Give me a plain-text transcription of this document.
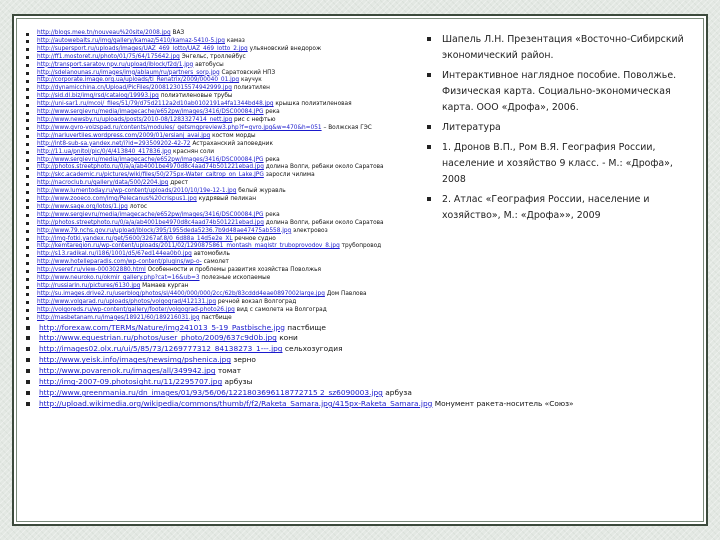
http://blogs.mee.tn/nouveau%20site/2008.jpg ВАЗ
http://autowebalts.ru/img/gallery/kamaz/5410/kamaz-5410-5.jpg камаз
http://supersport.ru/uploads/images/UAZ_469_Iotto/UAZ_469_Iotto_2.jpg ульяновский внедорож
http://ff1.mostoret.ru/photo/01/75/64/175642.jpg Энгельс, троллейбус
http://transport.saratov.npv.ru/upload/iblock/f2d/1.jpg автобусы
http://sdelanounas.ru/images/img/ablaum/ru/partners_sorp.jpg Саратовский НПЗ
http://corporate.image.org.ua/uploads/ti_Renatrix/2009/00040_01.jpg каучук
http://dynamicchina.cn/Upload/PicFiles/2008123015574942999.jpg полиэтилен
http://sid.dl.biz/img/rsd/catalog/19993.jpg полиэтиленовые трубы
http://uni-sar1.ru/mcoi/_files/51/79/d75d2112a2d10ab0102191a4fa1344bd48.jpg крышка полиэтиленовая
http://www.sergievru/media/imagecache/e652pw/images/3416/DSC00084.JPG река
http://www.newsby.ru/uploads/posts/2010-08/1283327414_nett.jpg рис с нефтью
http://www.gvro-volzspad.ru/contents/modules/_getsmgpreview3.php?f=gvro.jpg&w=470&h=051 – Волжская ГЭС
http://nariuvertiles.wordpress.com/2009/01/ersianj_avai.jpg костом морды
http://int8-sub-sa.yandex.net/i?id=293509202-42-72 Астраханский заповедник
http://11.ua/pnitol/pic/0/4/413840_417836.jpg краснян соли
http://www.sergievru/media/imagecache/e652pw/images/3416/DSC00084.JPG река
http://photos.streetphoto.ru/0/a/a/ab4001be4970d8c4aad74b501221ebad.jpg долина Волги, ребаки около Саратова
http://skc.academic.ru/pictures/wiki/files/50/275px-Water_caltrop_on_Lake.JPG заросли чилима
http://nacroclub.ru/gallery/data/500/2204.jpg дрест
http://www.lumentoday.ru/wp-content/uploads/2010/10/19e-12-1.jpg белый журавль
http://www.zooeco.com/img/Pelecanus%20crispus1.jpg кудрявый пеликан
http://www.sage.org/lotos/1.jpg лотос
http://www.sergievru/media/imagecache/e652pw/images/3416/DSC00084.JPG река
http://photos.streetphoto.ru/0/a/a/ab4001be4970d8c4aad74b501221ebad.jpg долина Волги, ребаки около Саратова
http://www.79.nchs.gov.ru/upload/iblock/395/1955deda5236.7b9d48ae47475ab558.jpg электровоз
http://img-fotki.yandex.ru/get/5600/3267af.8/0_6d88a_14d5e2e_XL речное судно
http://kemtaregion.ru/wp-content/uploads/2011/02/1290875861_montash_magistr_truboprovodov_8.jpg трубопровод
http://s13.radikal.ru/i186/1001/d5/67ed144ea0b0.jpg автомобиль
http://www.hotelleparadis.com/wp-content/plugins/wp-o- самолет
http://vseref.ru/view-000302880.html Особенности и проблемы развития хозяйства Поволжья
http://www.neuroko.ru/okmir_gallery.php?cat=16&ub=3 полезные ископаемые
http://russiarin.ru/pictures/6130.jpg Мамаев курган
http://su.images.drive2.ru/userblog/photos/sl/4400/000/000/2cc/62b/83cddd4eae0897002large.jpg Дом Павлова
http://www.volgarad.ru/uploads/photos/volgograd/412131.jpg речной вокзал Волгоград
http://volgoreds.ru/wp-content/gallery/footer/volgograd-photo26.jpg вид с самолета на Волгоград
http://masbetanam.ru/images/18921/60/189216031.jpg пастбище
http://forexaw.com/TERMs/Nature/img241013_5-19_Pastbische.jpg пастбище
http://www.equestrian.ru/photos/user_photo/2009/637c9d0b.jpg кони
http://images02.olx.ru/ui/5/85/73/1269777312_84138273_1---.jpg сельхозугодия
http://www.yeisk.info/images/newsimg/pshenica.jpg зерно
http://www.povarenok.ru/images/all/349942.jpg томат
http://img-2007-09.photosight.ru/11/2295707.jpg арбузы
http://www.greenmania.ru/dn_images/01/93/56/06/1221803696118772715 2_sz6090003.jpg арбуза
http://upload.wikimedia.org/wikipedia/commons/thumb/f/f2/Raketa_Samara.jpg/415px-Raketa_Samara.jpg Монумент ракета-носитель «Союз»
Шапель Л.Н. Презентация «Восточно-Сибирский экономический район.
Интерактивное наглядное пособие. Поволжье. Физическая карта. Социально-экономическая карта. ООО «Дрофа», 2006.
Литература
1. Дронов В.П., Ром В.Я. География России, население и хозяйство 9 класс. - М.: «Дрофа», 2008
2. Атлас «География России, население и хозяйство», М.: «Дрофа»», 2009
